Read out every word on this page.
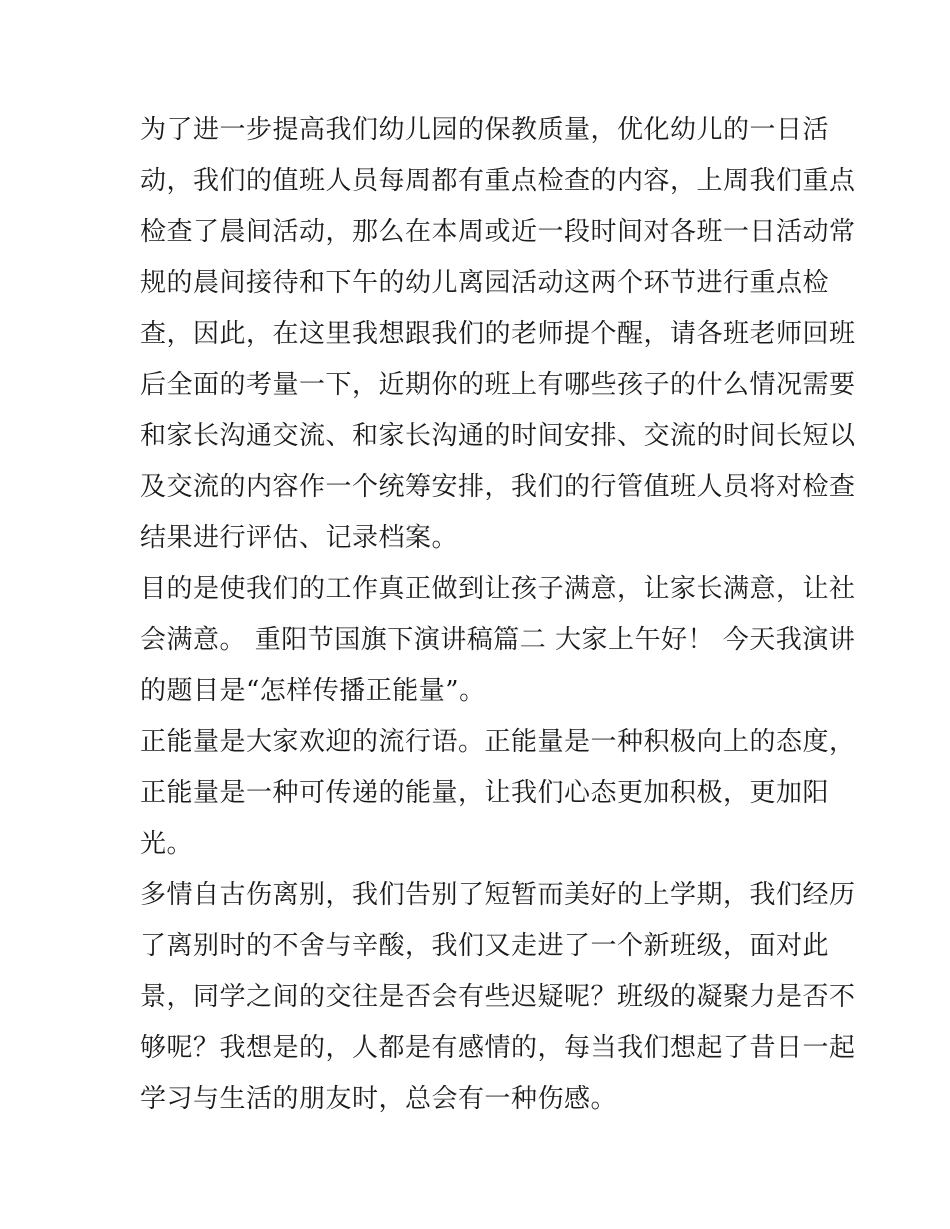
为了进一步提高我们幼儿园的保教质量，优化幼儿的一日活
动，我们的值班人员每周都有重点检查的内容，上周我们重点
检查了晨间活动，那么在本周或近一段时间对各班一日活动常
规的晨间接待和下午的幼儿离园活动这两个环节进行重点检
查，因此，在这里我想跟我们的老师提个醒，请各班老师回班
后全面的考量一下，近期你的班上有哪些孩子的什么情况需要
和家长沟通交流、和家长沟通的时间安排、交流的时间长短以
及交流的内容作一个统筹安排，我们的行管值班人员将对检查
结果进行评估、记录档案。
目的是使我们的工作真正做到让孩子满意，让家长满意，让社
会满意。 重阳节国旗下演讲稿篇二 大家上午好！ 今天我演讲
的题目是“怎样传播正能量”。
正能量是大家欢迎的流行语。正能量是一种积极向上的态度，
正能量是一种可传递的能量，让我们心态更加积极，更加阳
光。
多情自古伤离别，我们告别了短暂而美好的上学期，我们经历
了离别时的不舍与辛酸，我们又走进了一个新班级，面对此
景，同学之间的交往是否会有些迟疑呢？班级的凝聚力是否不
够呢？我想是的，人都是有感情的，每当我们想起了昔日一起
学习与生活的朋友时，总会有一种伤感。
